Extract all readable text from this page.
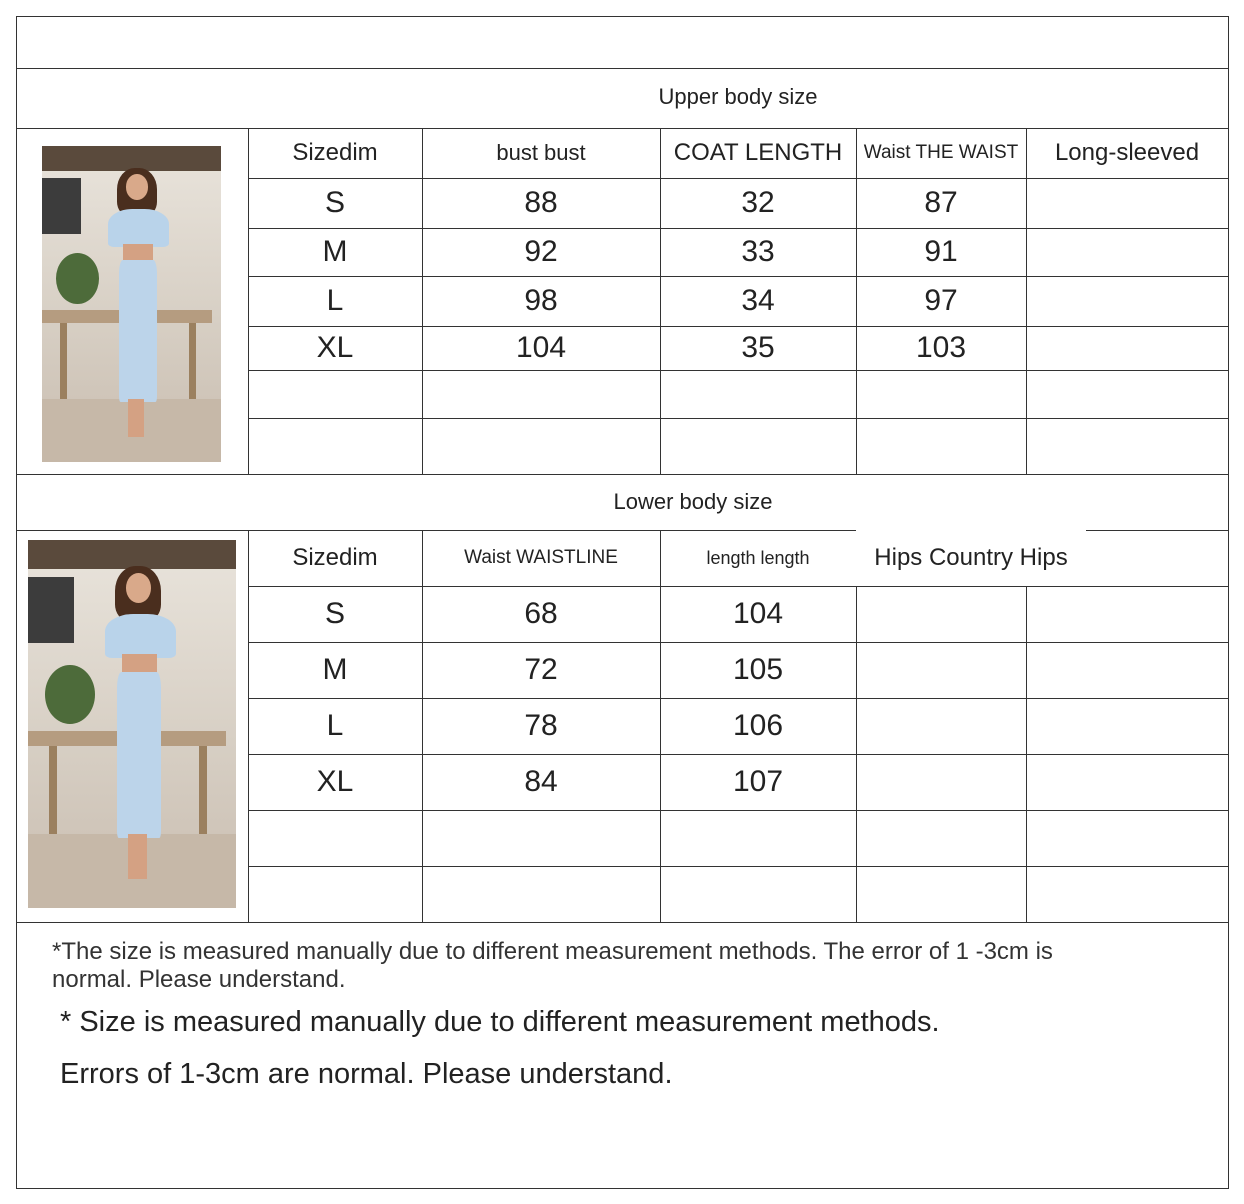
Upper body size
Lower body size
Sizedim	bust bust	COAT LENGTH	Waist THE WAIST	Long-sleeved
S	88	32	87
M	92	33	91
L	98	34	97
XL	104	35	103
Sizedim	Waist WAISTLINE	length length	Hips Country Hips
S	68	104
M	72	105
L	78	106
XL	84	107
*The size is measured manually due to different measurement methods. The error of 1 -3cm is normal. Please understand.
* Size is measured manually due to different measurement methods.
Errors of 1-3cm are normal. Please understand.
